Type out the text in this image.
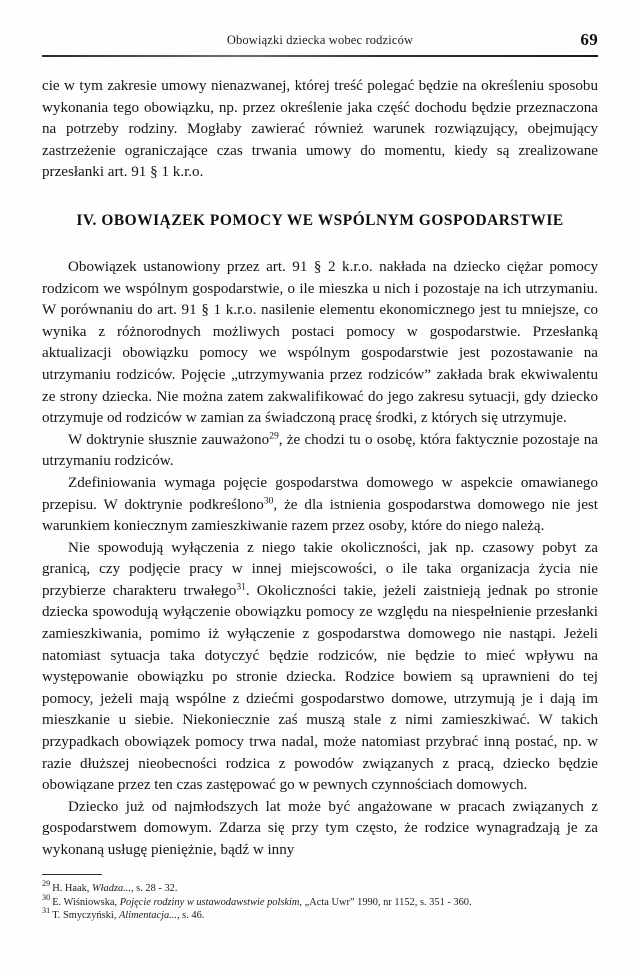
Obowiązki dziecka wobec rodziców	69

cie w tym zakresie umowy nienazwanej, której treść polegać będzie na określeniu sposobu wykonania tego obowiązku, np. przez określenie jaka część dochodu będzie przeznaczona na potrzeby rodziny. Mogłaby zawierać również warunek rozwiązujący, obejmujący zastrzeżenie ograniczające czas trwania umowy do momentu, kiedy są zrealizowane przesłanki art. 91 § 1 k.r.o.

IV. OBOWIĄZEK POMOCY WE WSPÓLNYM GOSPODARSTWIE

Obowiązek ustanowiony przez art. 91 § 2 k.r.o. nakłada na dziecko ciężar pomocy rodzicom we wspólnym gospodarstwie, o ile mieszka u nich i pozostaje na ich utrzymaniu. W porównaniu do art. 91 § 1 k.r.o. nasilenie elementu ekonomicznego jest tu mniejsze, co wynika z różnorodnych możliwych postaci pomocy w gospodarstwie. Przesłanką aktualizacji obowiązku pomocy we wspólnym gospodarstwie jest pozostawanie na utrzymaniu rodziców. Pojęcie „utrzymywania przez rodziców” zakłada brak ekwiwalentu ze strony dziecka. Nie można zatem zakwalifikować do jego zakresu sytuacji, gdy dziecko otrzymuje od rodziców w zamian za świadczoną pracę środki, z których się utrzymuje.

W doktrynie słusznie zauważono$^{29}$, że chodzi tu o osobę, która faktycznie pozostaje na utrzymaniu rodziców.

Zdefiniowania wymaga pojęcie gospodarstwa domowego w aspekcie omawianego przepisu. W doktrynie podkreślono$^{30}$, że dla istnienia gospodarstwa domowego nie jest warunkiem koniecznym zamieszkiwanie razem przez osoby, które do niego należą.

Nie spowodują wyłączenia z niego takie okoliczności, jak np. czasowy pobyt za granicą, czy podjęcie pracy w innej miejscowości, o ile taka organizacja życia nie przybierze charakteru trwałego$^{31}$. Okoliczności takie, jeżeli zaistnieją jednak po stronie dziecka spowodują wyłączenie obowiązku pomocy ze względu na niespełnienie przesłanki zamieszkiwania, pomimo iż wyłączenie z gospodarstwa domowego nie nastąpi. Jeżeli natomiast sytuacja taka dotyczyć będzie rodziców, nie będzie to mieć wpływu na występowanie obowiązku po stronie dziecka. Rodzice bowiem są uprawnieni do tej pomocy, jeżeli mają wspólne z dziećmi gospodarstwo domowe, utrzymują je i dają im mieszkanie u siebie. Niekoniecznie zaś muszą stale z nimi zamieszkiwać. W takich przypadkach obowiązek pomocy trwa nadal, może natomiast przybrać inną postać, np. w razie dłuższej nieobecności rodzica z powodów związanych z pracą, dziecko będzie obowiązane przez ten czas zastępować go w pewnych czynnościach domowych.

Dziecko już od najmłodszych lat może być angażowane w pracach związanych z gospodarstwem domowym. Zdarza się przy tym często, że rodzice wynagradzają je za wykonaną usługę pieniężnie, bądź w inny

$^{29}$ H. Haak, Władza..., s. 28 - 32.

$^{30}$ E. Wiśniowska, Pojęcie rodziny w ustawodawstwie polskim, „Acta Uwr” 1990, nr 1152, s. 351 - 360.

$^{31}$ T. Smyczyński, Alimentacja..., s. 46.
